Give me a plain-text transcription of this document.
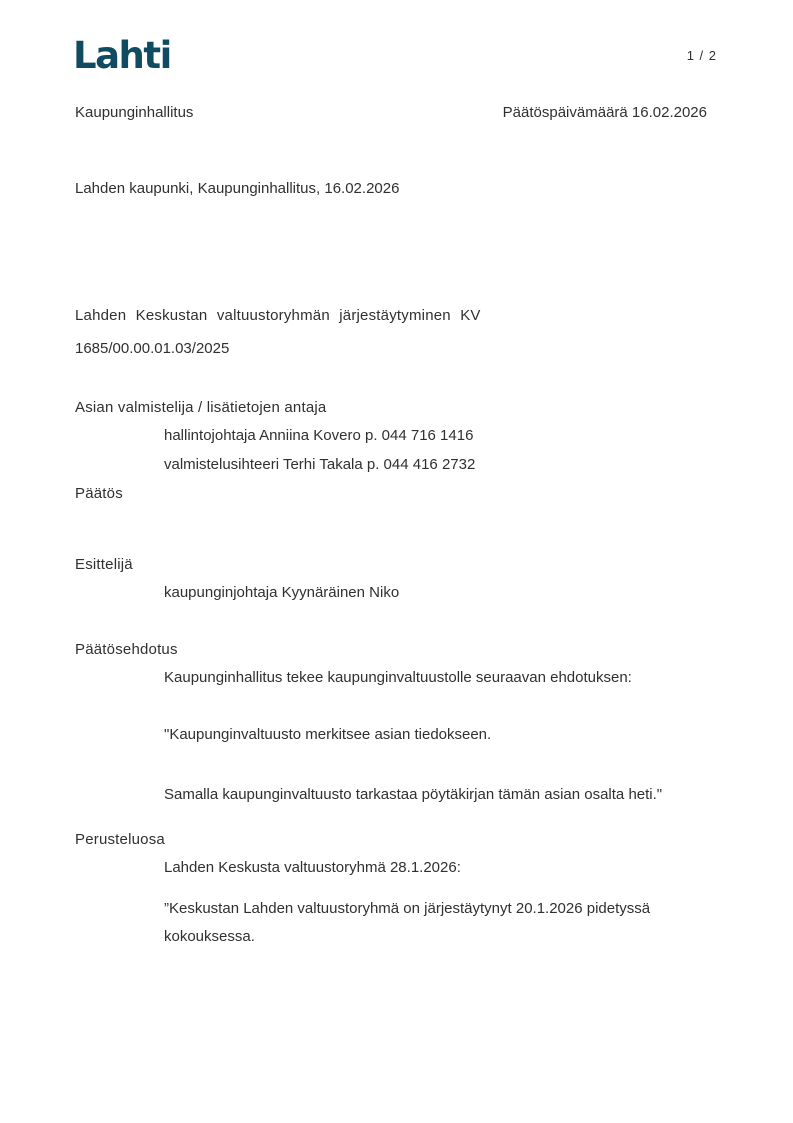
Lahti	1 / 2
Kaupunginhallitus	Päätöspäivämäärä 16.02.2026
Lahden kaupunki, Kaupunginhallitus, 16.02.2026
Lahden Keskustan valtuustoryhmän järjestäytyminen KV
1685/00.00.01.03/2025
Asian valmistelija / lisätietojen antaja
hallintojohtaja Anniina Kovero p. 044 716 1416
valmistelusihteeri Terhi Takala p. 044 416 2732
Päätös
Esittelijä
kaupunginjohtaja Kyynäräinen Niko
Päätösehdotus
Kaupunginhallitus tekee kaupunginvaltuustolle seuraavan ehdotuksen:
"Kaupunginvaltuusto merkitsee asian tiedokseen.
Samalla kaupunginvaltuusto tarkastaa pöytäkirjan tämän asian osalta heti."
Perusteluosa
Lahden Keskusta valtuustoryhmä 28.1.2026:
”Keskustan Lahden valtuustoryhmä on järjestäytynyt 20.1.2026 pidetyssä
kokouksessa.
